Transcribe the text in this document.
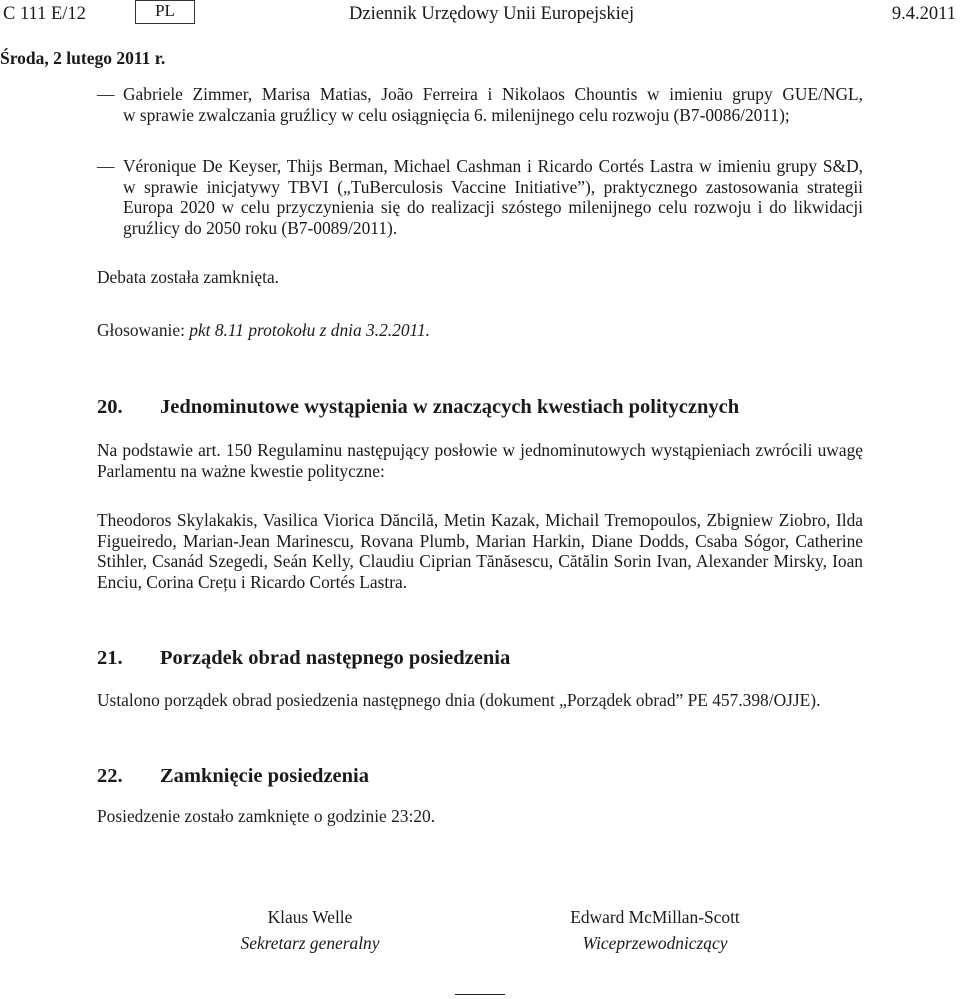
C 111 E/12	PL	Dziennik Urzędowy Unii Europejskiej	9.4.2011
Środa, 2 lutego 2011 r.
— Gabriele Zimmer, Marisa Matias, João Ferreira i Nikolaos Chountis w imieniu grupy GUE/NGL,
w sprawie zwalczania gruźlicy w celu osiągnięcia 6. milenijnego celu rozwoju (B7-0086/2011);
— Véronique De Keyser, Thijs Berman, Michael Cashman i Ricardo Cortés Lastra w imieniu grupy S&D,
w sprawie inicjatywy TBVI („TuBerculosis Vaccine Initiative”), praktycznego zastosowania strategii
Europa 2020 w celu przyczynienia się do realizacji szóstego milenijnego celu rozwoju i do likwidacji
gruźlicy do 2050 roku (B7-0089/2011).
Debata została zamknięta.
Głosowanie: pkt 8.11 protokołu z dnia 3.2.2011.
20. Jednominutowe wystąpienia w znaczących kwestiach politycznych
Na podstawie art. 150 Regulaminu następujący posłowie w jednominutowych wystąpieniach zwrócili uwagę
Parlamentu na ważne kwestie polityczne:
Theodoros Skylakakis, Vasilica Viorica Dăncilă, Metin Kazak, Michail Tremopoulos, Zbigniew Ziobro, Ilda
Figueiredo, Marian-Jean Marinescu, Rovana Plumb, Marian Harkin, Diane Dodds, Csaba Sógor, Catherine
Stihler, Csanád Szegedi, Seán Kelly, Claudiu Ciprian Tănăsescu, Cătălin Sorin Ivan, Alexander Mirsky, Ioan
Enciu, Corina Crețu i Ricardo Cortés Lastra.
21. Porządek obrad następnego posiedzenia
Ustalono porządek obrad posiedzenia następnego dnia (dokument „Porządek obrad” PE 457.398/OJJE).
22. Zamknięcie posiedzenia
Posiedzenie zostało zamknięte o godzinie 23:20.
Klaus Welle
Sekretarz generalny
Edward McMillan-Scott
Wiceprzewodniczący
